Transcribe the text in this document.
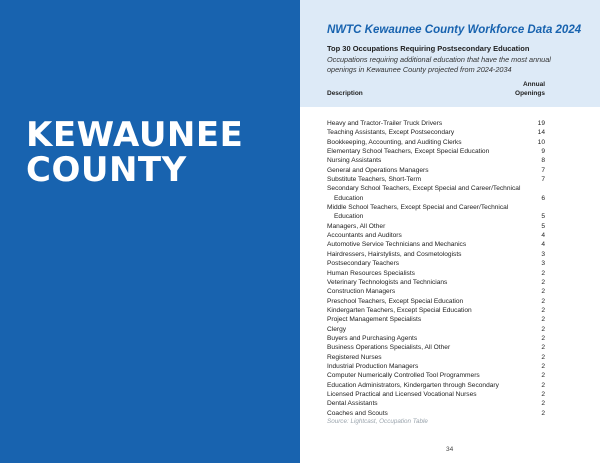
KEWAUNEE
COUNTY
NWTC Kewaunee County Workforce Data 2024
Top 30 Occupations Requiring Postsecondary Education
Occupations requiring additional education that have the most annual openings in Kewaunee County projected from 2024-2034
Description
Annual
Openings
Heavy and Tractor-Trailer Truck Drivers	19
Teaching Assistants, Except Postsecondary	14
Bookkeeping, Accounting, and Auditing Clerks	10
Elementary School Teachers, Except Special Education	9
Nursing Assistants	8
General and Operations Managers	7
Substitute Teachers, Short-Term	7
Secondary School Teachers, Except Special and Career/Technical Education	6
Middle School Teachers, Except Special and Career/Technical Education	5
Managers, All Other	5
Accountants and Auditors	4
Automotive Service Technicians and Mechanics	4
Hairdressers, Hairstylists, and Cosmetologists	3
Postsecondary Teachers	3
Human Resources Specialists	2
Veterinary Technologists and Technicians	2
Construction Managers	2
Preschool Teachers, Except Special Education	2
Kindergarten Teachers, Except Special Education	2
Project Management Specialists	2
Clergy	2
Buyers and Purchasing Agents	2
Business Operations Specialists, All Other	2
Registered Nurses	2
Industrial Production Managers	2
Computer Numerically Controlled Tool Programmers	2
Education Administrators, Kindergarten through Secondary	2
Licensed Practical and Licensed Vocational Nurses	2
Dental Assistants	2
Coaches and Scouts	2
Source: Lightcast, Occupation Table
34
